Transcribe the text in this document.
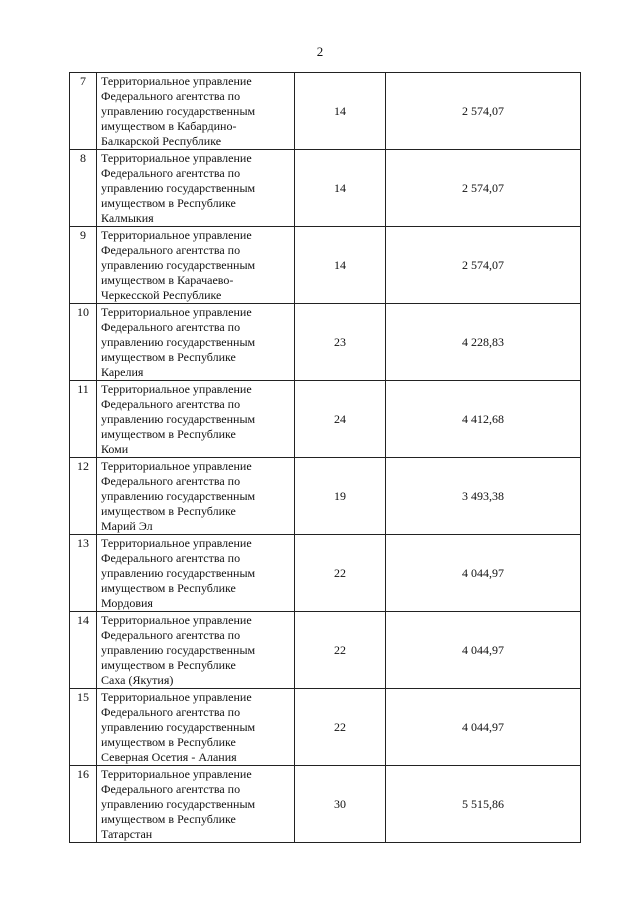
2
7	Территориальное управление
Федерального агентства по
управлению государственным
имуществом в Кабардино-
Балкарской Республике	14	2 574,07
8	Территориальное управление
Федерального агентства по
управлению государственным
имуществом в Республике
Калмыкия	14	2 574,07
9	Территориальное управление
Федерального агентства по
управлению государственным
имуществом в Карачаево-
Черкесской Республике	14	2 574,07
10	Территориальное управление
Федерального агентства по
управлению государственным
имуществом в Республике
Карелия	23	4 228,83
11	Территориальное управление
Федерального агентства по
управлению государственным
имуществом в Республике
Коми	24	4 412,68
12	Территориальное управление
Федерального агентства по
управлению государственным
имуществом в Республике
Марий Эл	19	3 493,38
13	Территориальное управление
Федерального агентства по
управлению государственным
имуществом в Республике
Мордовия	22	4 044,97
14	Территориальное управление
Федерального агентства по
управлению государственным
имуществом в Республике
Саха (Якутия)	22	4 044,97
15	Территориальное управление
Федерального агентства по
управлению государственным
имуществом в Республике
Северная Осетия - Алания	22	4 044,97
16	Территориальное управление
Федерального агентства по
управлению государственным
имуществом в Республике
Татарстан	30	5 515,86
